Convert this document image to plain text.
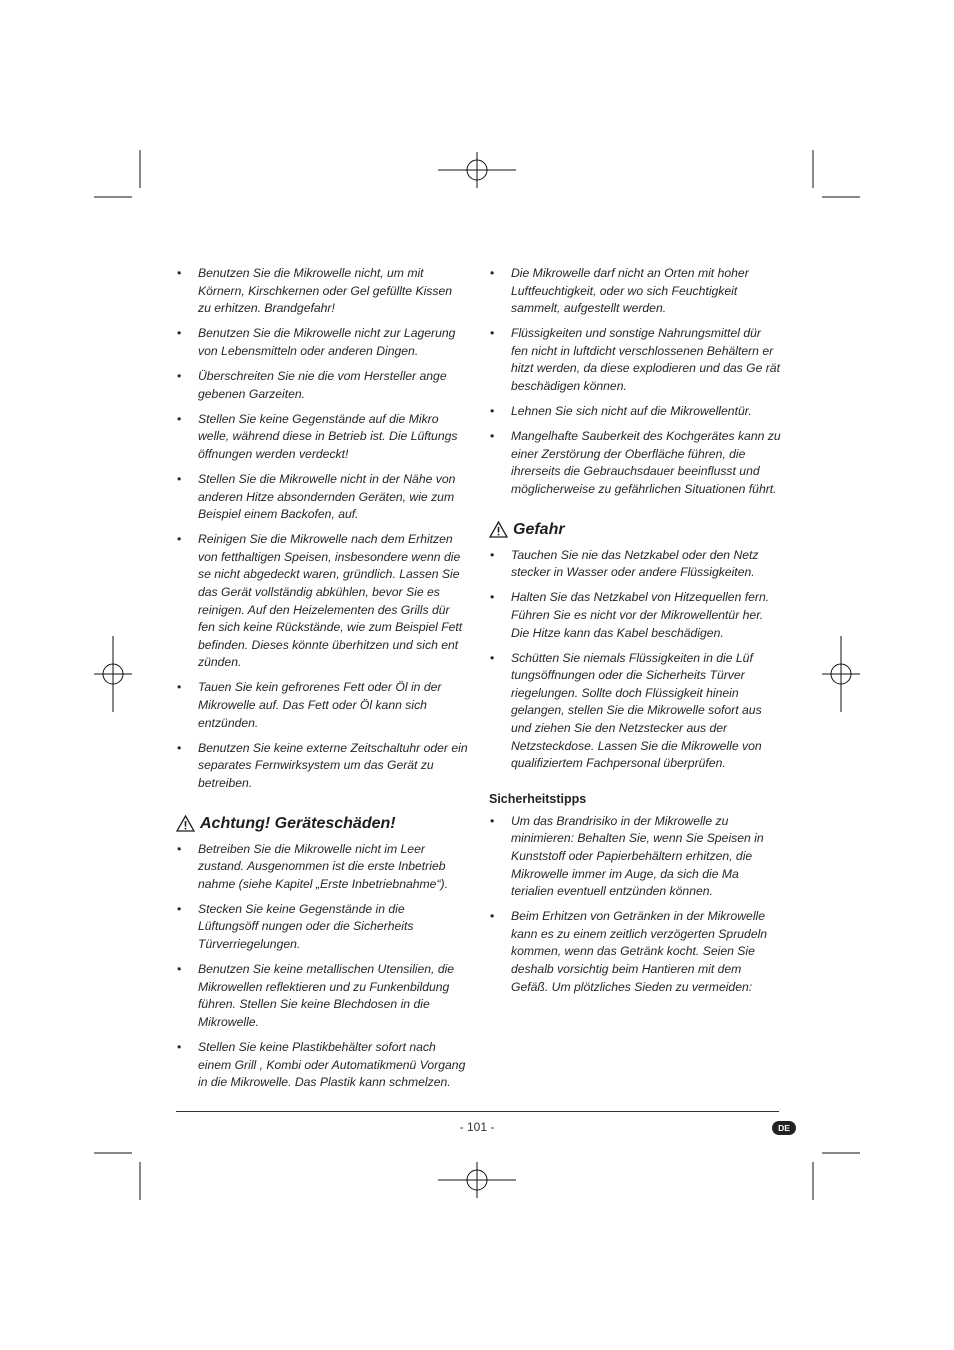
• Benutzen Sie die Mikrowelle nicht, um mit Körnern, Kirschkernen oder Gel gefüllte Kissen zu erhitzen. Brandgefahr!
• Benutzen Sie die Mikrowelle nicht zur Lagerung von Lebensmitteln oder anderen Dingen.
• Überschreiten Sie nie die vom Hersteller ange gebenen Garzeiten.
• Stellen Sie keine Gegenstände auf die Mikro welle, während diese in Betrieb ist. Die Lüftungs öffnungen werden verdeckt!
• Stellen Sie die Mikrowelle nicht in der Nähe von anderen Hitze absondernden Geräten, wie zum Beispiel einem Backofen, auf.
• Reinigen Sie die Mikrowelle nach dem Erhitzen von fetthaltigen Speisen, insbesondere wenn die se nicht abgedeckt waren, gründlich. Lassen Sie das Gerät vollständig abkühlen, bevor Sie es reinigen. Auf den Heizelementen des Grills dür fen sich keine Rückstände, wie zum Beispiel Fett befinden. Dieses könnte überhitzen und sich ent zünden.
• Tauen Sie kein gefrorenes Fett oder Öl in der Mikrowelle auf. Das Fett oder Öl kann sich entzünden.
• Benutzen Sie keine externe Zeitschaltuhr oder ein separates Fernwirksystem um das Gerät zu betreiben.
Achtung! Geräteschäden!
• Betreiben Sie die Mikrowelle nicht im Leer zustand. Ausgenommen ist die erste Inbetrieb nahme (siehe Kapitel „Erste Inbetriebnahme“).
• Stecken Sie keine Gegenstände in die Lüftungsöff nungen oder die Sicherheits Türverriegelungen.
• Benutzen Sie keine metallischen Utensilien, die Mikrowellen reflektieren und zu Funkenbildung führen. Stellen Sie keine Blechdosen in die Mikrowelle.
• Stellen Sie keine Plastikbehälter sofort nach einem Grill , Kombi oder Automatikmenü Vorgang in die Mikrowelle. Das Plastik kann schmelzen.
• Die Mikrowelle darf nicht an Orten mit hoher Luftfeuchtigkeit, oder wo sich Feuchtigkeit sammelt, aufgestellt werden.
• Flüssigkeiten und sonstige Nahrungsmittel dür fen nicht in luftdicht verschlossenen Behältern er hitzt werden, da diese explodieren und das Ge rät beschädigen können.
• Lehnen Sie sich nicht auf die Mikrowellentür.
• Mangelhafte Sauberkeit des Kochgerätes kann zu einer Zerstörung der Oberfläche führen, die ihrerseits die Gebrauchsdauer beeinflusst und möglicherweise zu gefährlichen Situationen führt.
Gefahr
• Tauchen Sie nie das Netzkabel oder den Netz stecker in Wasser oder andere Flüssigkeiten.
• Halten Sie das Netzkabel von Hitzequellen fern. Führen Sie es nicht vor der Mikrowellentür her. Die Hitze kann das Kabel beschädigen.
• Schütten Sie niemals Flüssigkeiten in die Lüf tungsöffnungen oder die Sicherheits Türver riegelungen. Sollte doch Flüssigkeit hinein gelangen, stellen Sie die Mikrowelle sofort aus und ziehen Sie den Netzstecker aus der Netzsteckdose. Lassen Sie die Mikrowelle von qualifiziertem Fachpersonal überprüfen.
Sicherheitstipps
• Um das Brandrisiko in der Mikrowelle zu minimieren: Behalten Sie, wenn Sie Speisen in Kunststoff oder Papierbehältern erhitzen, die Mikrowelle immer im Auge, da sich die Ma terialien eventuell entzünden können.
• Beim Erhitzen von Getränken in der Mikrowelle kann es zu einem zeitlich verzögerten Sprudeln kommen, wenn das Getränk kocht. Seien Sie deshalb vorsichtig beim Hantieren mit dem Gefäß. Um plötzliches Sieden zu vermeiden:
- 101 -	DE
